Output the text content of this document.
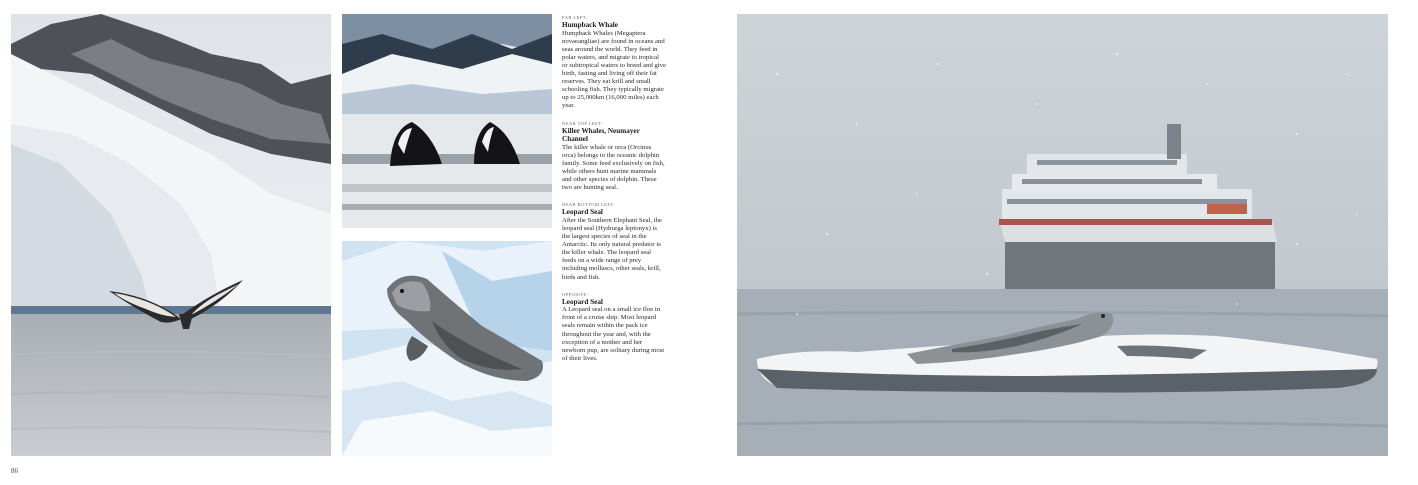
FAR LEFT:
Humpback Whale
Humpback Whales (Megaptera novaeangliae) are found in oceans and seas around the world. They feed in polar waters, and migrate to tropical or subtropical waters to breed and give birth, fasting and living off their fat reserves. They eat krill and small schooling fish. They typically migrate up to 25,000km (16,000 miles) each year.
NEAR TOP LEFT:
Killer Whales, Neumayer Channel
The killer whale or orca (Orcinus orca) belongs to the oceanic dolphin family. Some feed exclusively on fish, while others hunt marine mammals and other species of dolphin. These two are hunting seal.
NEAR BOTTOM LEFT:
Leopard Seal
After the Southern Elephant Seal, the leopard seal (Hydrurga leptonyx) is the largest species of seal in the Antarctic. Its only natural predator is the killer whale. The leopard seal feeds on a wide range of prey including molluscs, other seals, krill, birds and fish.
OPPOSITE:
Leopard Seal
A Leopard seal on a small ice floe in front of a cruise ship. Most leopard seals remain within the pack ice throughout the year and, with the exception of a mother and her newborn pup, are solitary during most of their lives.
86
